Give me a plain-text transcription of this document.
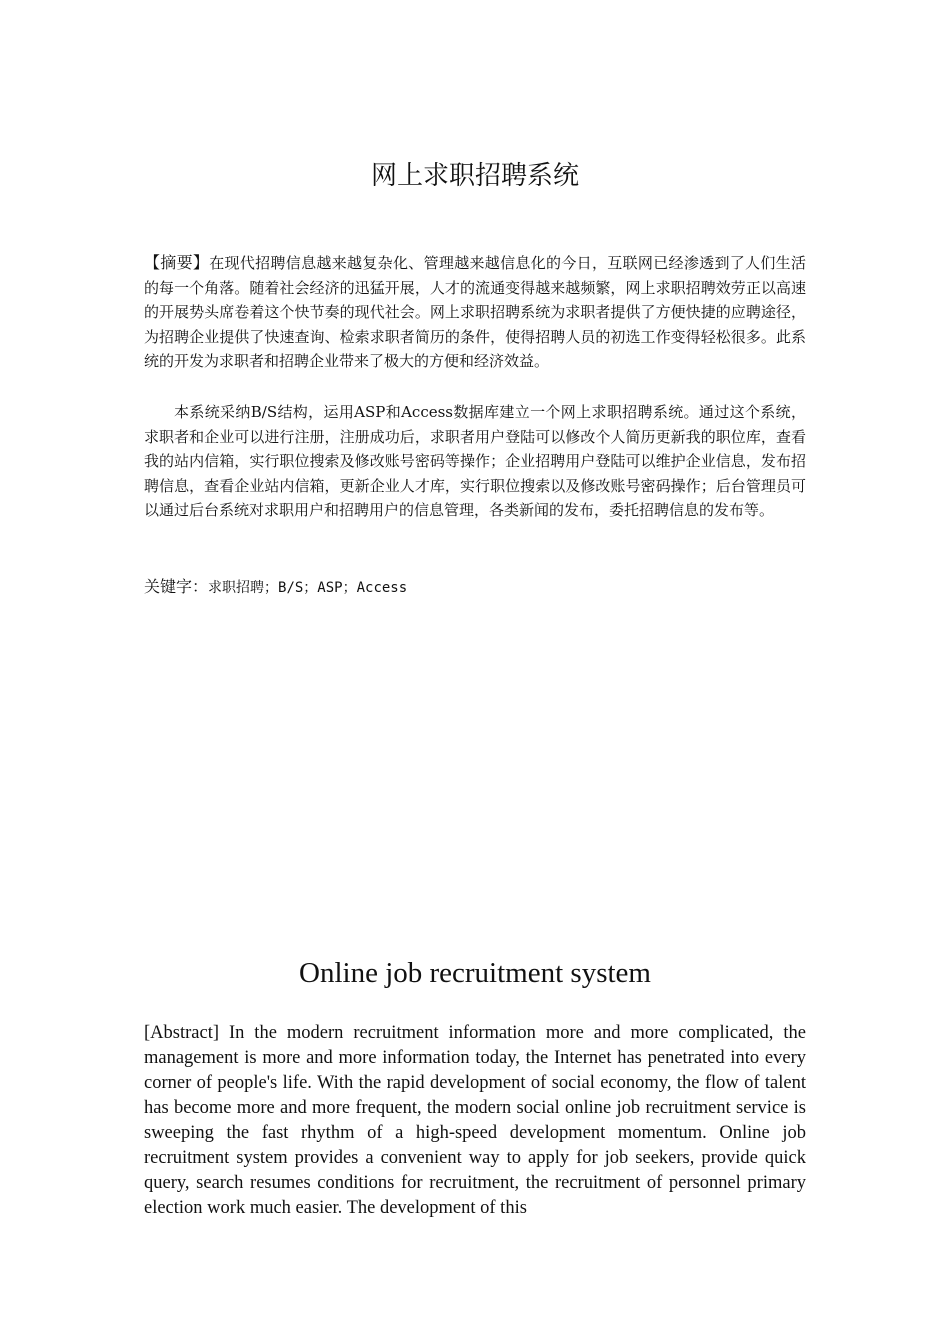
网上求职招聘系统

【摘要】在现代招聘信息越来越复杂化、管理越来越信息化的今日，互联网已经渗透到了人们生活的每一个角落。随着社会经济的迅猛开展，人才的流通变得越来越频繁，网上求职招聘效劳正以高速的开展势头席卷着这个快节奏的现代社会。网上求职招聘系统为求职者提供了方便快捷的应聘途径，为招聘企业提供了快速查询、检索求职者简历的条件，使得招聘人员的初选工作变得轻松很多。此系统的开发为求职者和招聘企业带来了极大的方便和经济效益。

本系统采纳B/S结构，运用ASP和Access数据库建立一个网上求职招聘系统。通过这个系统，求职者和企业可以进行注册，注册成功后，求职者用户登陆可以修改个人简历更新我的职位库，查看我的站内信箱，实行职位搜索及修改账号密码等操作；企业招聘用户登陆可以维护企业信息，发布招聘信息，查看企业站内信箱，更新企业人才库，实行职位搜索以及修改账号密码操作；后台管理员可以通过后台系统对求职用户和招聘用户的信息管理，各类新闻的发布，委托招聘信息的发布等。

关键字：求职招聘；B/S；ASP；Access

Online job recruitment system

[Abstract] In the modern recruitment information more and more complicated, the management is more and more information today, the Internet has penetrated into every corner of people's life. With the rapid development of social economy, the flow of talent has become more and more frequent, the modern social online job recruitment service is sweeping the fast rhythm of a high-speed development momentum. Online job recruitment system provides a convenient way to apply for job seekers, provide quick query, search resumes conditions for recruitment, the recruitment of personnel primary election work much easier. The development of this
